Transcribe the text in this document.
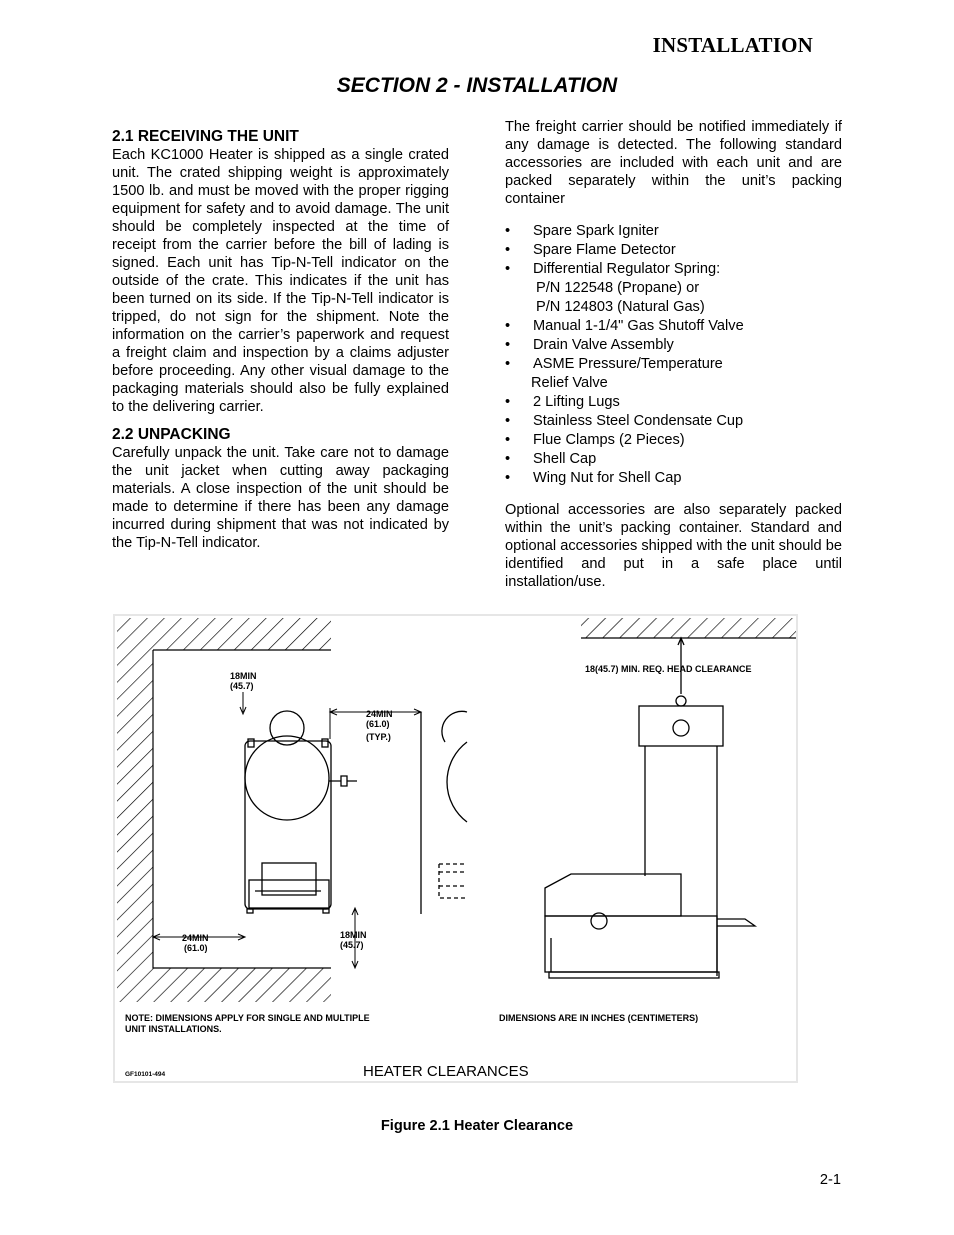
INSTALLATION
SECTION 2 - INSTALLATION
2.1 RECEIVING THE UNIT

Each KC1000 Heater is shipped as a single crated unit. The crated shipping weight is approximately 1500 lb. and must be moved with the proper rigging equipment for safety and to avoid damage. The unit should be completely inspected at the time of receipt from the carrier before the bill of lading is signed. Each unit has Tip-N-Tell indicator on the outside of the crate. This indicates if the unit has been turned on its side. If the Tip-N-Tell indicator is tripped, do not sign for the shipment. Note the information on the carrier’s paperwork and request a freight claim and inspection by a claims adjuster before proceeding. Any other visual damage to the packaging materials should also be fully explained to the delivering carrier.

2.2 UNPACKING

Carefully unpack the unit. Take care not to damage the unit jacket when cutting away packaging materials. A close inspection of the unit should be made to determine if there has been any damage incurred during shipment that was not indicated by the Tip-N-Tell indicator.

The freight carrier should be notified immediately if any damage is detected. The following standard accessories are included with each unit and are packed separately within the unit’s packing container

• Spare Spark Igniter
• Spare Flame Detector
• Differential Regulator Spring:
P/N 122548 (Propane) or
P/N 124803 (Natural Gas)
• Manual 1-1/4" Gas Shutoff Valve
• Drain Valve Assembly
• ASME Pressure/Temperature
Relief Valve
• 2 Lifting Lugs
• Stainless Steel Condensate Cup
• Flue Clamps (2 Pieces)
• Shell Cap
• Wing Nut for Shell Cap

Optional accessories are also separately packed within the unit’s packing container. Standard and optional accessories shipped with the unit should be identified and put in a safe place until installation/use.

18MIN
(45.7)
24MIN
(61.0)
(TYP.)
24MIN
(61.0)
18MIN
(45.7)
18(45.7) MIN. REQ. HEAD CLEARANCE
NOTE: DIMENSIONS APPLY FOR SINGLE AND MULTIPLE
UNIT INSTALLATIONS.
DIMENSIONS ARE IN INCHES (CENTIMETERS)
GF10101-494	HEATER CLEARANCES
Figure 2.1 Heater Clearance
2-1
